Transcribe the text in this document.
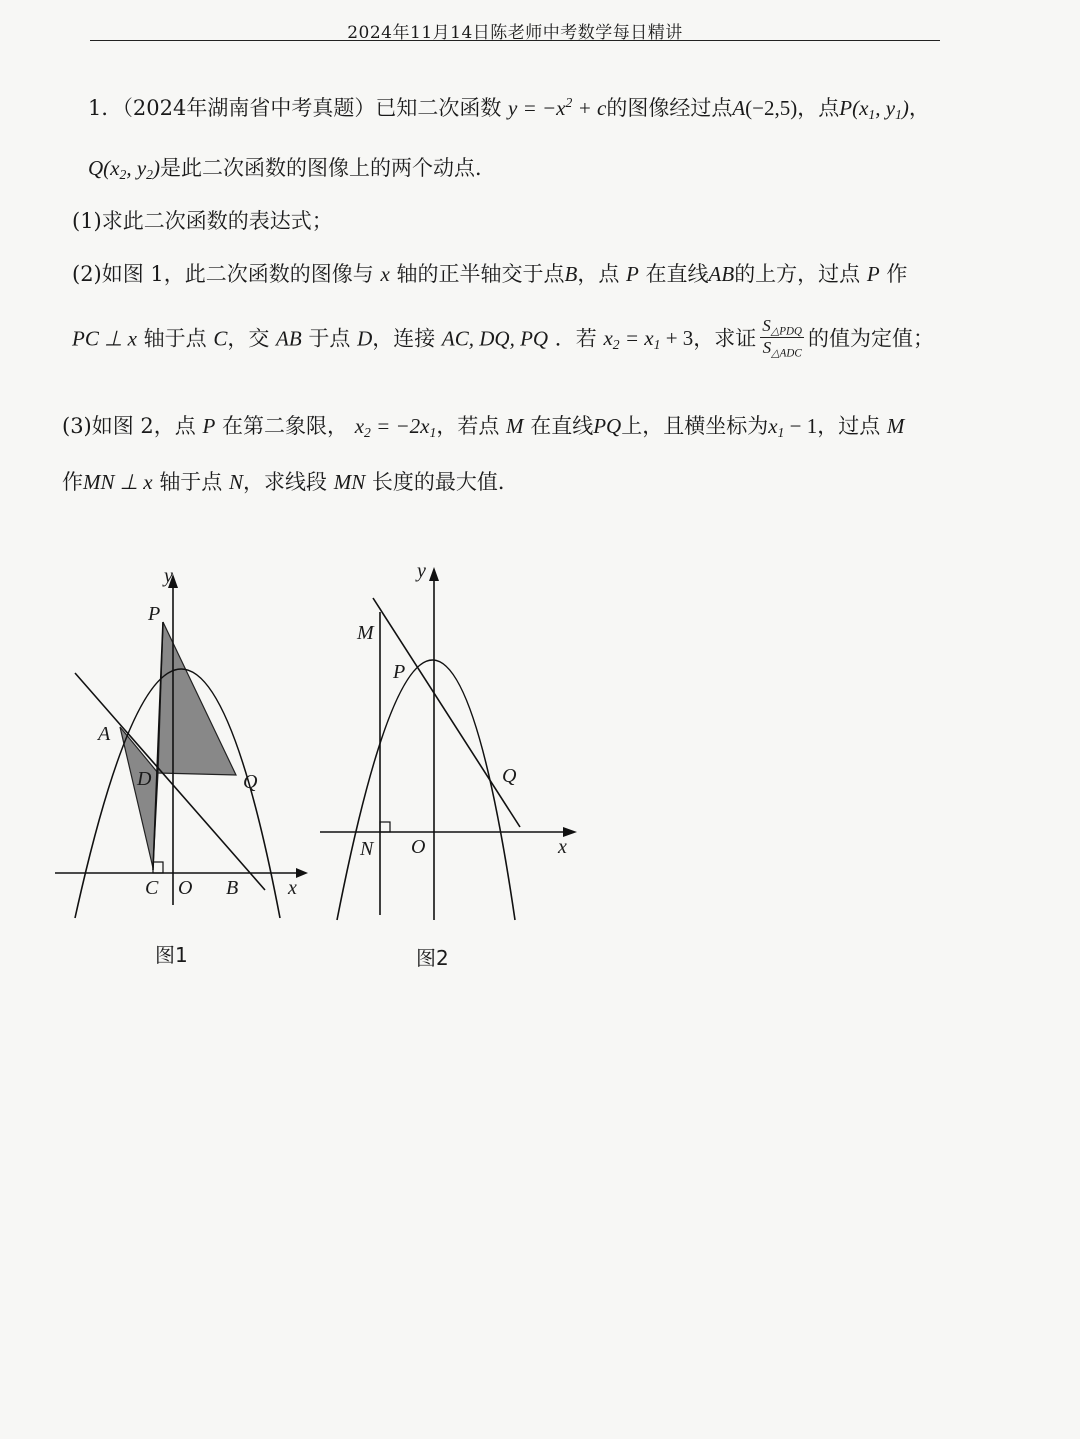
2024年11月14日陈老师中考数学每日精讲
1．（2024年湖南省中考真题）已知二次函数 $y = -x^2 + c$的图像经过点A(−2,5)，点$P(x_1$, $y_1$)，
$Q(x_2$, $y_2$)是此二次函数的图像上的两个动点．
(1)求此二次函数的表达式；
(2)如图 1，此二次函数的图像与 x 轴的正半轴交于点B，点 P 在直线AB的上方，过点 P 作
PC ⊥ x 轴于点 C，交 AB 于点 D，连接 AC, DQ, PQ ．若 $x_2 = x_1 + 3$，求证 $\frac{S_{\triangle PDQ}}{S_{\triangle ADC}}$ 的值为定值；
(3)如图 2，点 P 在第二象限， $x_2 = -2x_1$，若点 M 在直线PQ上，且横坐标为$x_1 - 1$，过点 M
作MN ⊥ x 轴于点 N，求线段 MN 长度的最大值．
y
P
A
D	Q
C O B x
图1
y
M
P
Q
N O	x
图2
